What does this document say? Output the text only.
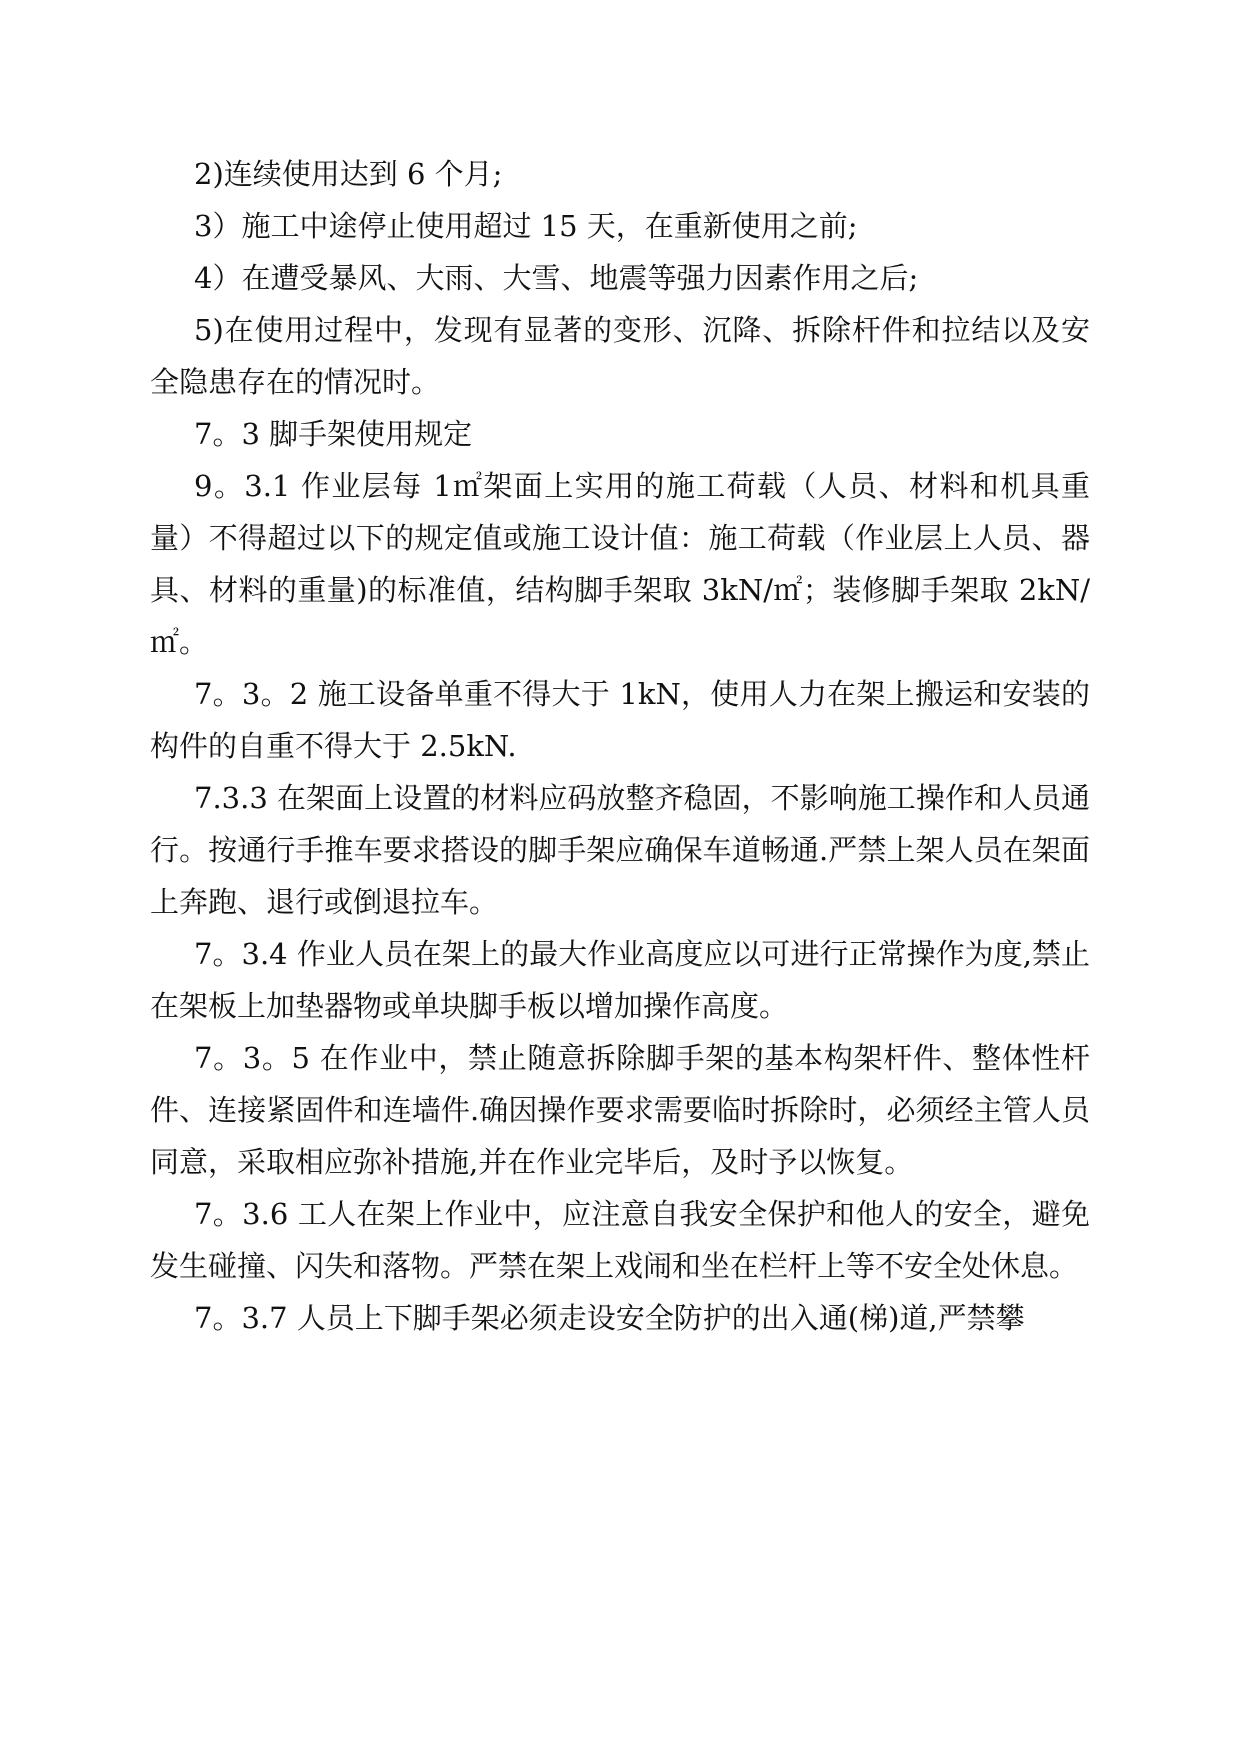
2)连续使用达到 6 个月;

3）施工中途停止使用超过 15 天，在重新使用之前;

4）在遭受暴风、大雨、大雪、地震等强力因素作用之后;

5)在使用过程中，发现有显著的变形、沉降、拆除杆件和拉结以及安全隐患存在的情况时。

7。3 脚手架使用规定

9。3.1 作业层每 1㎡架面上实用的施工荷载（人员、材料和机具重量）不得超过以下的规定值或施工设计值：施工荷载（作业层上人员、器具、材料的重量)的标准值，结构脚手架取 3kN/㎡；装修脚手架取 2kN/㎡。

7。3。2 施工设备单重不得大于 1kN，使用人力在架上搬运和安装的构件的自重不得大于 2.5kN.

7.3.3 在架面上设置的材料应码放整齐稳固，不影响施工操作和人员通行。按通行手推车要求搭设的脚手架应确保车道畅通.严禁上架人员在架面上奔跑、退行或倒退拉车。

7。3.4 作业人员在架上的最大作业高度应以可进行正常操作为度,禁止在架板上加垫器物或单块脚手板以增加操作高度。

7。3。5 在作业中，禁止随意拆除脚手架的基本构架杆件、整体性杆件、连接紧固件和连墙件.确因操作要求需要临时拆除时，必须经主管人员同意，采取相应弥补措施,并在作业完毕后，及时予以恢复。

7。3.6 工人在架上作业中，应注意自我安全保护和他人的安全，避免发生碰撞、闪失和落物。严禁在架上戏闹和坐在栏杆上等不安全处休息。

7。3.7 人员上下脚手架必须走设安全防护的出入通(梯)道,严禁攀
